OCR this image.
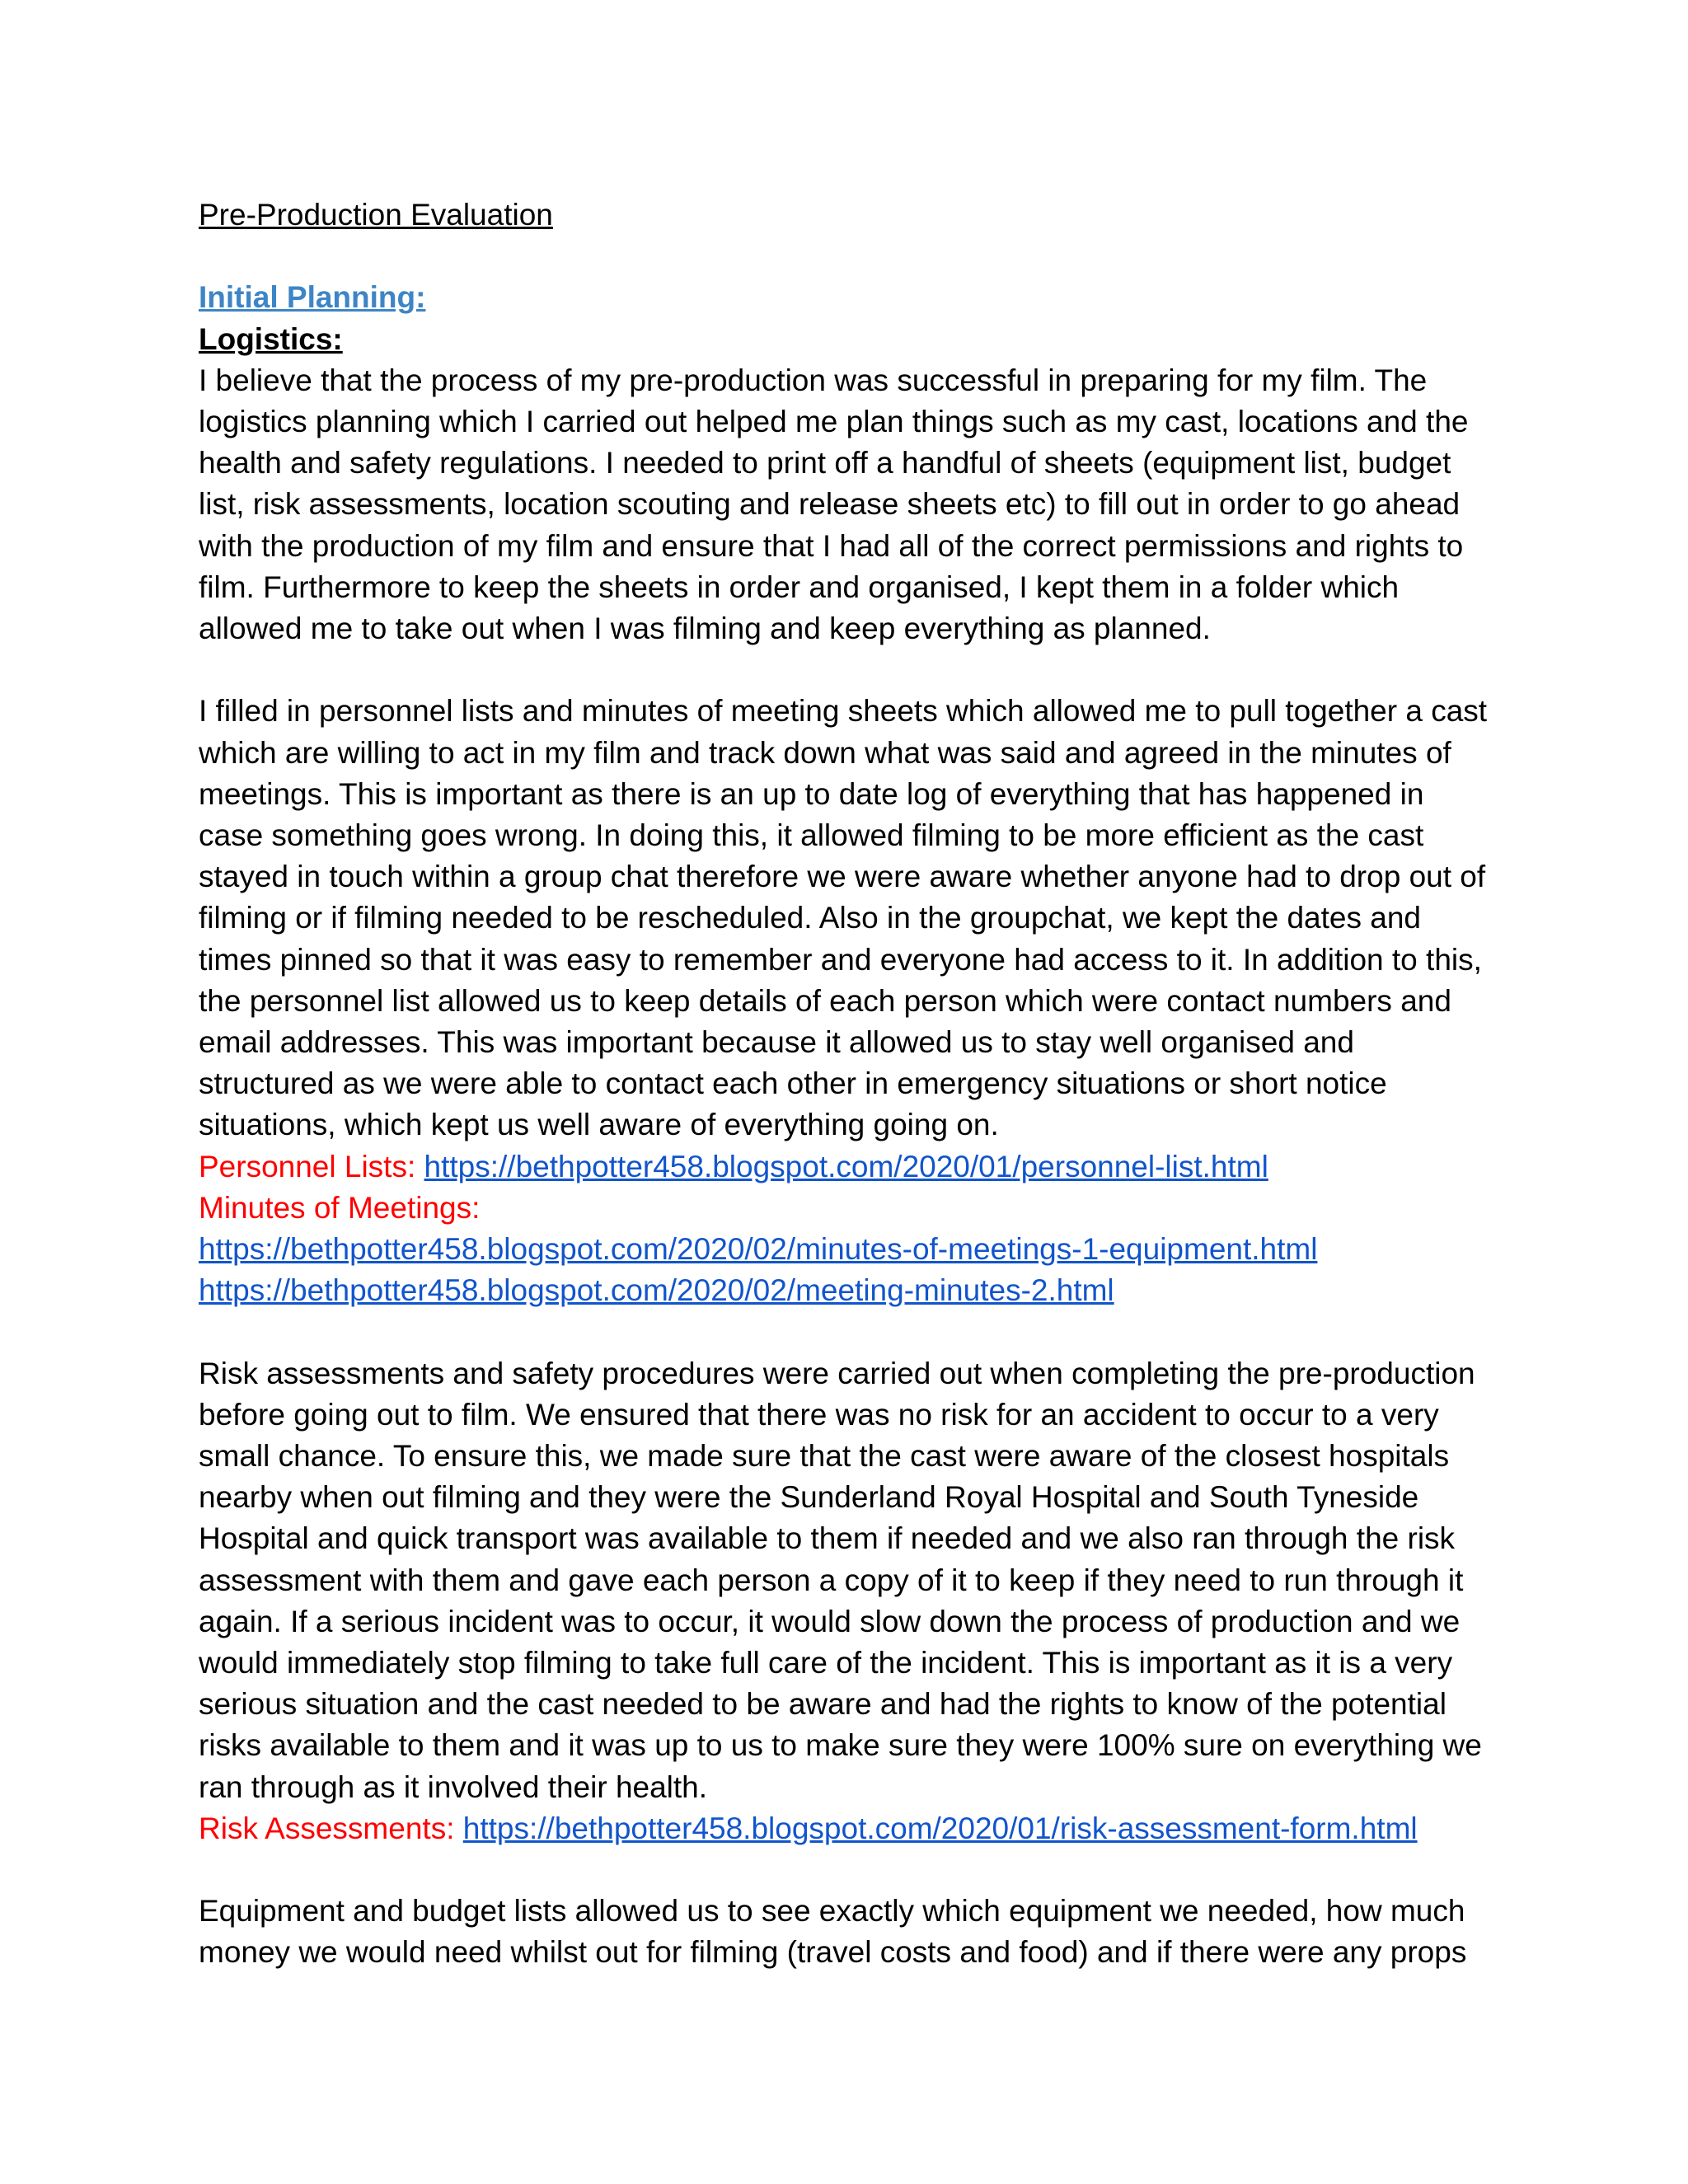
Pre-Production Evaluation
Initial Planning:
Logistics:
I believe that the process of my pre-production was successful in preparing for my film. The
logistics planning which I carried out helped me plan things such as my cast, locations and the
health and safety regulations. I needed to print off a handful of sheets (equipment list, budget
list, risk assessments, location scouting and release sheets etc) to fill out in order to go ahead
with the production of my film and ensure that I had all of the correct permissions and rights to
film. Furthermore to keep the sheets in order and organised, I kept them in a folder which
allowed me to take out when I was filming and keep everything as planned.
I filled in personnel lists and minutes of meeting sheets which allowed me to pull together a cast
which are willing to act in my film and track down what was said and agreed in the minutes of
meetings. This is important as there is an up to date log of everything that has happened in
case something goes wrong. In doing this, it allowed filming to be more efficient as the cast
stayed in touch within a group chat therefore we were aware whether anyone had to drop out of
filming or if filming needed to be rescheduled. Also in the groupchat, we kept the dates and
times pinned so that it was easy to remember and everyone had access to it. In addition to this,
the personnel list allowed us to keep details of each person which were contact numbers and
email addresses. This was important because it allowed us to stay well organised and
structured as we were able to contact each other in emergency situations or short notice
situations, which kept us well aware of everything going on.
Personnel Lists: https://bethpotter458.blogspot.com/2020/01/personnel-list.html
Minutes of Meetings:
https://bethpotter458.blogspot.com/2020/02/minutes-of-meetings-1-equipment.html
https://bethpotter458.blogspot.com/2020/02/meeting-minutes-2.html
Risk assessments and safety procedures were carried out when completing the pre-production
before going out to film. We ensured that there was no risk for an accident to occur to a very
small chance. To ensure this, we made sure that the cast were aware of the closest hospitals
nearby when out filming and they were the Sunderland Royal Hospital and South Tyneside
Hospital and quick transport was available to them if needed and we also ran through the risk
assessment with them and gave each person a copy of it to keep if they need to run through it
again. If a serious incident was to occur, it would slow down the process of production and we
would immediately stop filming to take full care of the incident. This is important as it is a very
serious situation and the cast needed to be aware and had the rights to know of the potential
risks available to them and it was up to us to make sure they were 100% sure on everything we
ran through as it involved their health.
Risk Assessments: https://bethpotter458.blogspot.com/2020/01/risk-assessment-form.html
Equipment and budget lists allowed us to see exactly which equipment we needed, how much
money we would need whilst out for filming (travel costs and food) and if there were any props
